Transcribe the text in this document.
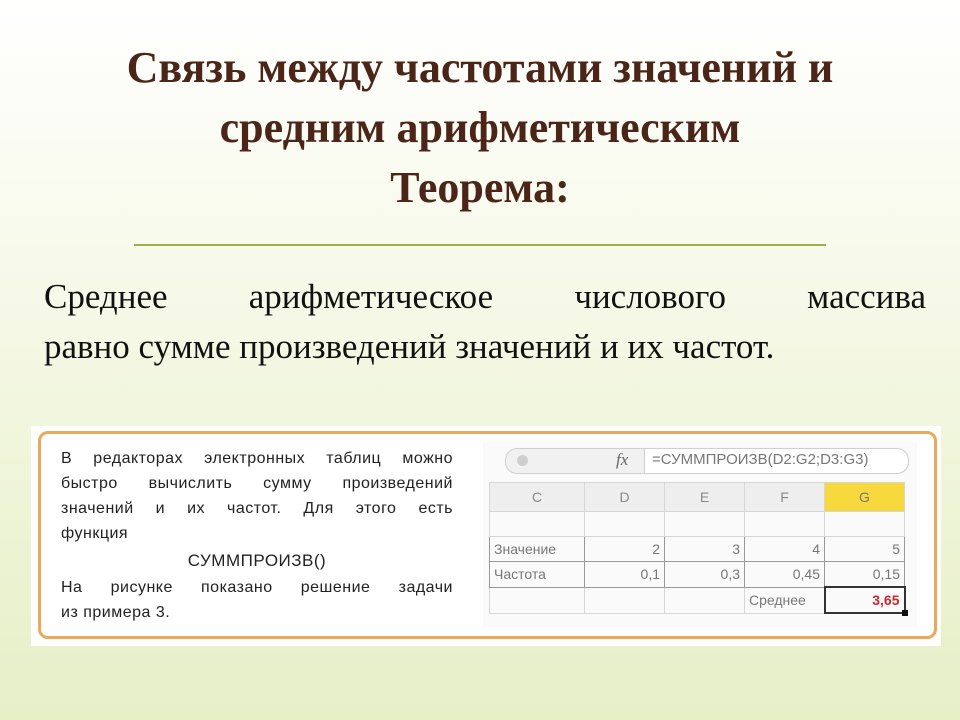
Связь между частотами значений и
средним арифметическим
Теорема:
Среднее арифметическое числового массива
равно сумме произведений значений и их частот.
В редакторах электронных таблиц можно
быстро вычислить сумму произведений
значений и их частот. Для этого есть
функция
СУММПРОИЗВ()
На рисунке показано решение задачи
из примера 3.
fx =СУММПРОИЗВ(D2:G2;D3:G3)
C	D	E	F	G

Значение	2	3	4	5
Частота	0,1	0,3	0,45	0,15
			Среднее	3,65
